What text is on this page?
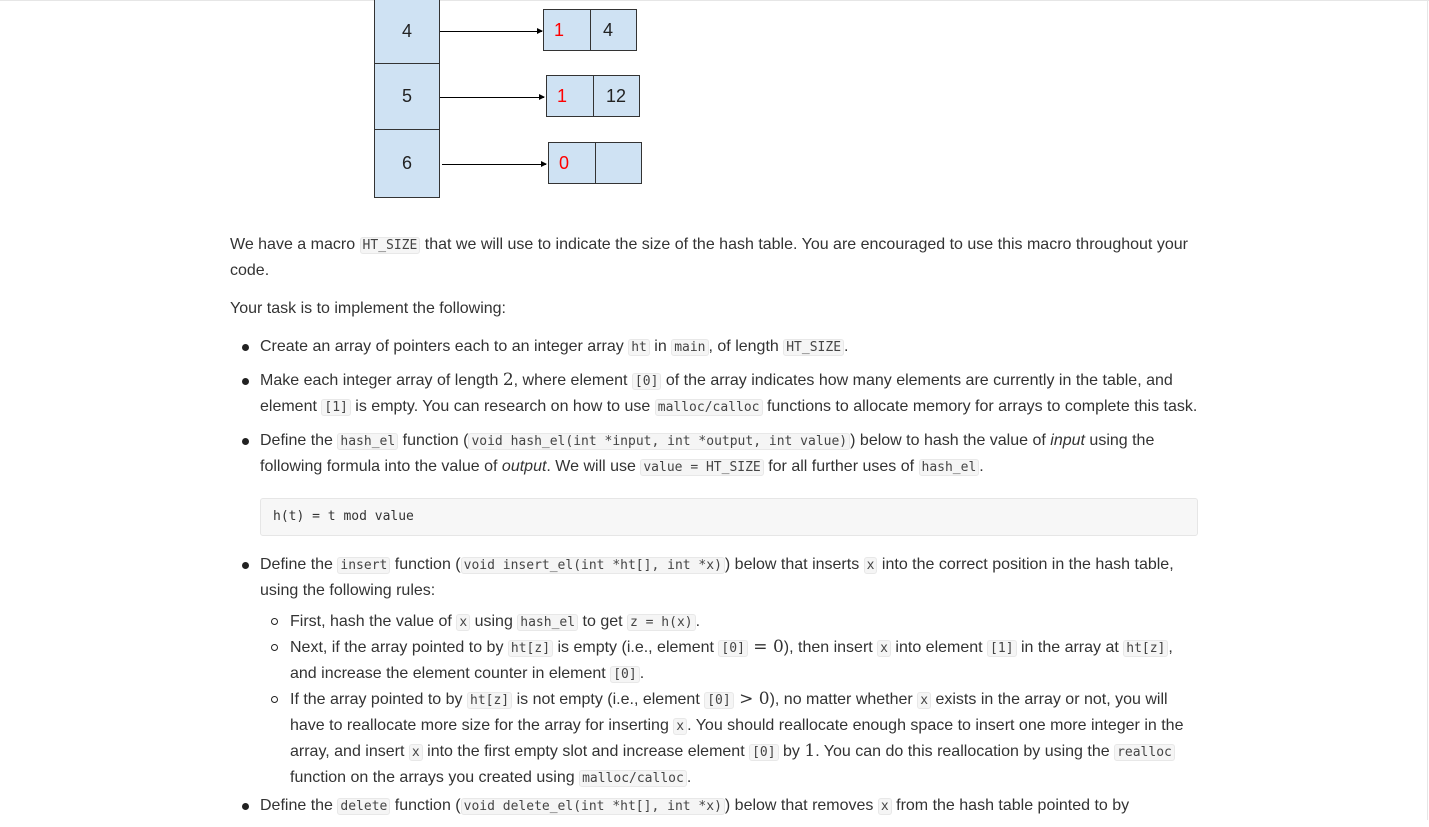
4
5
6
1	4
1	12
0

We have a macro HT_SIZE that we will use to indicate the size of the hash table. You are encouraged to use this macro throughout your code.

Your task is to implement the following:

Create an array of pointers each to an integer array ht in main , of length HT_SIZE .
Make each integer array of length 2, where element [0] of the array indicates how many elements are currently in the table, and element [1] is empty. You can research on how to use malloc/calloc functions to allocate memory for arrays to complete this task.
Define the hash_el function ( void hash_el(int *input, int *output, int value) ) below to hash the value of input using the following formula into the value of output. We will use value = HT_SIZE for all further uses of hash_el .
h(t) = t mod value
Define the insert function ( void insert_el(int *ht[], int *x) ) below that inserts x into the correct position in the hash table, using the following rules:
First, hash the value of x using hash_el to get z = h(x) .
Next, if the array pointed to by ht[z] is empty (i.e., element [0] = 0), then insert x into element [1] in the array at ht[z] , and increase the element counter in element [0] .
If the array pointed to by ht[z] is not empty (i.e., element [0] > 0), no matter whether x exists in the array or not, you will have to reallocate more size for the array for inserting x . You should reallocate enough space to insert one more integer in the array, and insert x into the first empty slot and increase element [0] by 1. You can do this reallocation by using the realloc function on the arrays you created using malloc/calloc .
Define the delete function ( void delete_el(int *ht[], int *x) ) below that removes x from the hash table pointed to by
